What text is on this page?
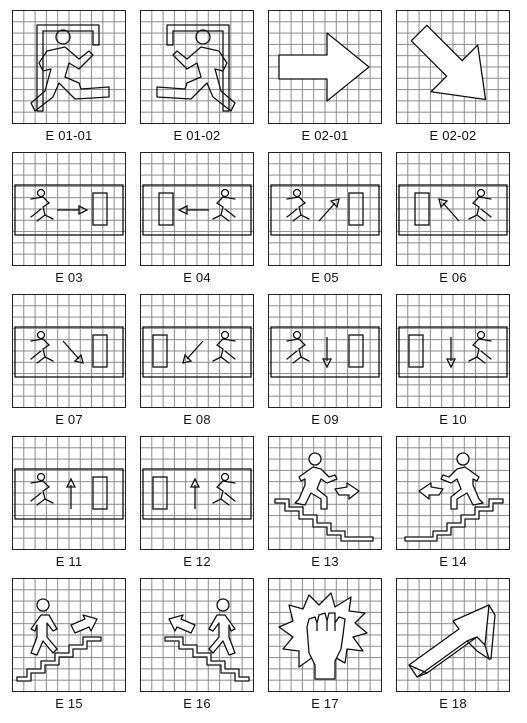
E 01-01	E 01-02	E 02-01	E 02-02
E 03	E 04	E 05	E 06
E 07	E 08	E 09	E 10
E 11	E 12	E 13	E 14
E 15	E 16	E 17	E 18
